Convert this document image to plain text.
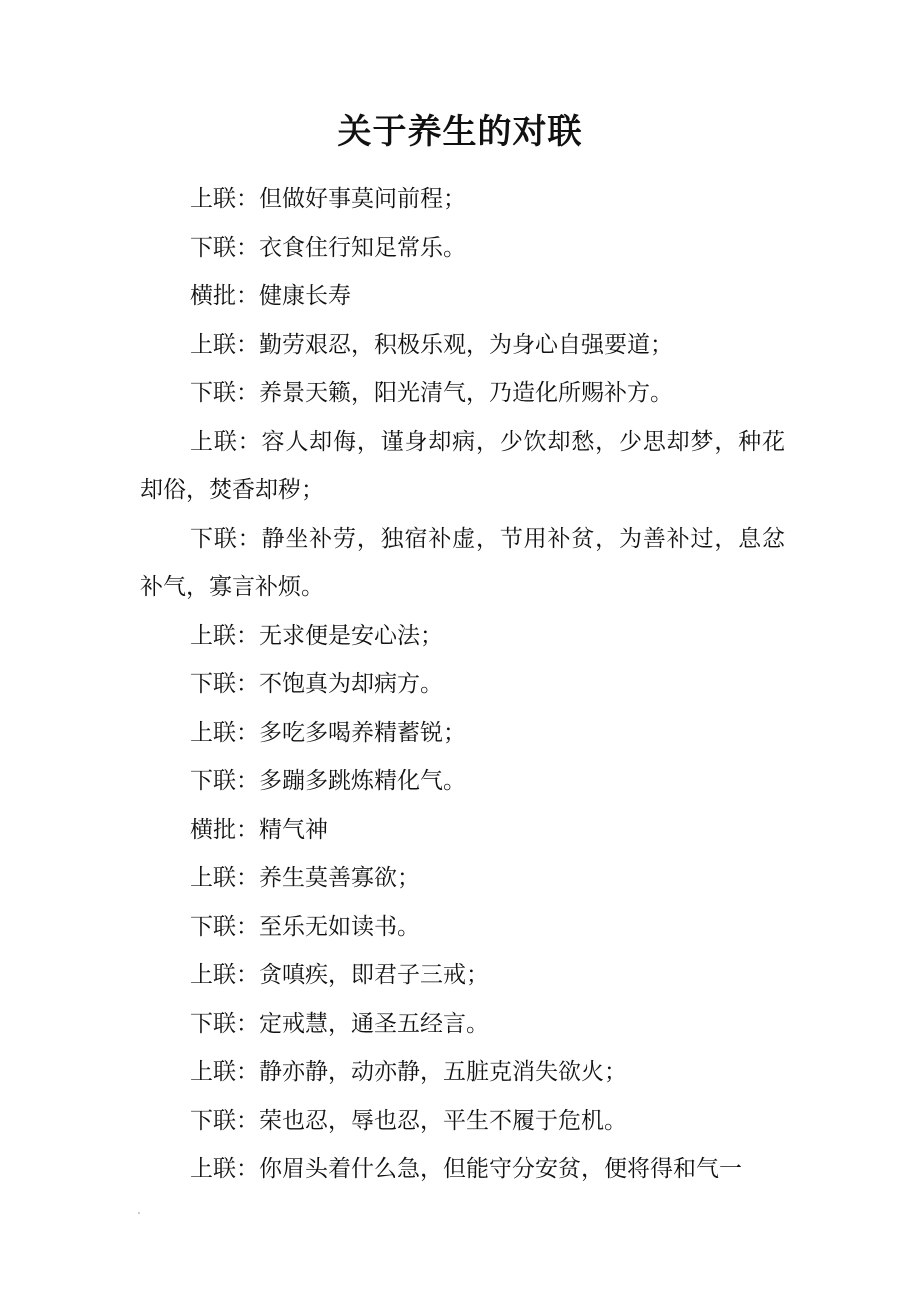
关于养生的对联

上联：但做好事莫问前程；

下联：衣食住行知足常乐。

横批：健康长寿

上联：勤劳艰忍，积极乐观，为身心自强要道；

下联：养景天籁，阳光清气，乃造化所赐补方。

上联：容人却侮，谨身却病，少饮却愁，少思却梦，种花却俗，焚香却秽；

下联：静坐补劳，独宿补虚，节用补贫，为善补过，息忿补气，寡言补烦。

上联：无求便是安心法；

下联：不饱真为却病方。

上联：多吃多喝养精蓄锐；

下联：多蹦多跳炼精化气。

横批：精气神

上联：养生莫善寡欲；

下联：至乐无如读书。

上联：贪嗔疾，即君子三戒；

下联：定戒慧，通圣五经言。

上联：静亦静，动亦静，五脏克消失欲火；

下联：荣也忍，辱也忍，平生不履于危机。

上联：你眉头着什么急，但能守分安贫，便将得和气一
